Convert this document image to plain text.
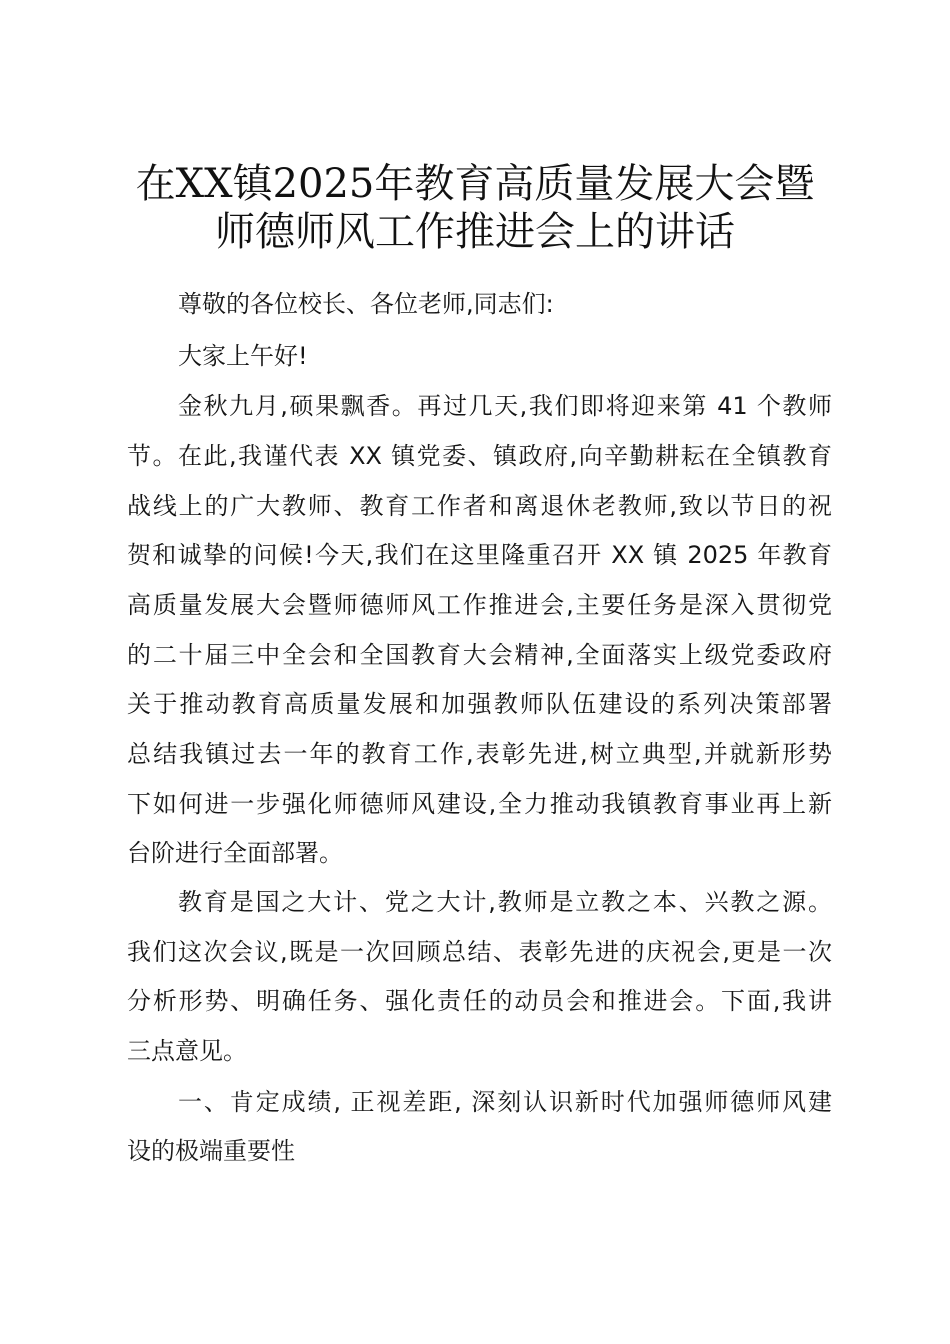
在XX镇2025年教育高质量发展大会暨
师德师风工作推进会上的讲话
尊敬的各位校长、各位老师,同志们:
大家上午好!
金秋九月,硕果飘香。再过几天,我们即将迎来第 41 个教师
节。在此,我谨代表 XX 镇党委、镇政府,向辛勤耕耘在全镇教育
战线上的广大教师、教育工作者和离退休老教师,致以节日的祝
贺和诚挚的问候!今天,我们在这里隆重召开 XX 镇 2025 年教育
高质量发展大会暨师德师风工作推进会,主要任务是深入贯彻党
的二十届三中全会和全国教育大会精神,全面落实上级党委政府
关于推动教育高质量发展和加强教师队伍建设的系列决策部署
总结我镇过去一年的教育工作,表彰先进,树立典型,并就新形势
下如何进一步强化师德师风建设,全力推动我镇教育事业再上新
台阶进行全面部署。
教育是国之大计、党之大计,教师是立教之本、兴教之源。
我们这次会议,既是一次回顾总结、表彰先进的庆祝会,更是一次
分析形势、明确任务、强化责任的动员会和推进会。下面,我讲
三点意见。
一、肯定成绩, 正视差距, 深刻认识新时代加强师德师风建
设的极端重要性
